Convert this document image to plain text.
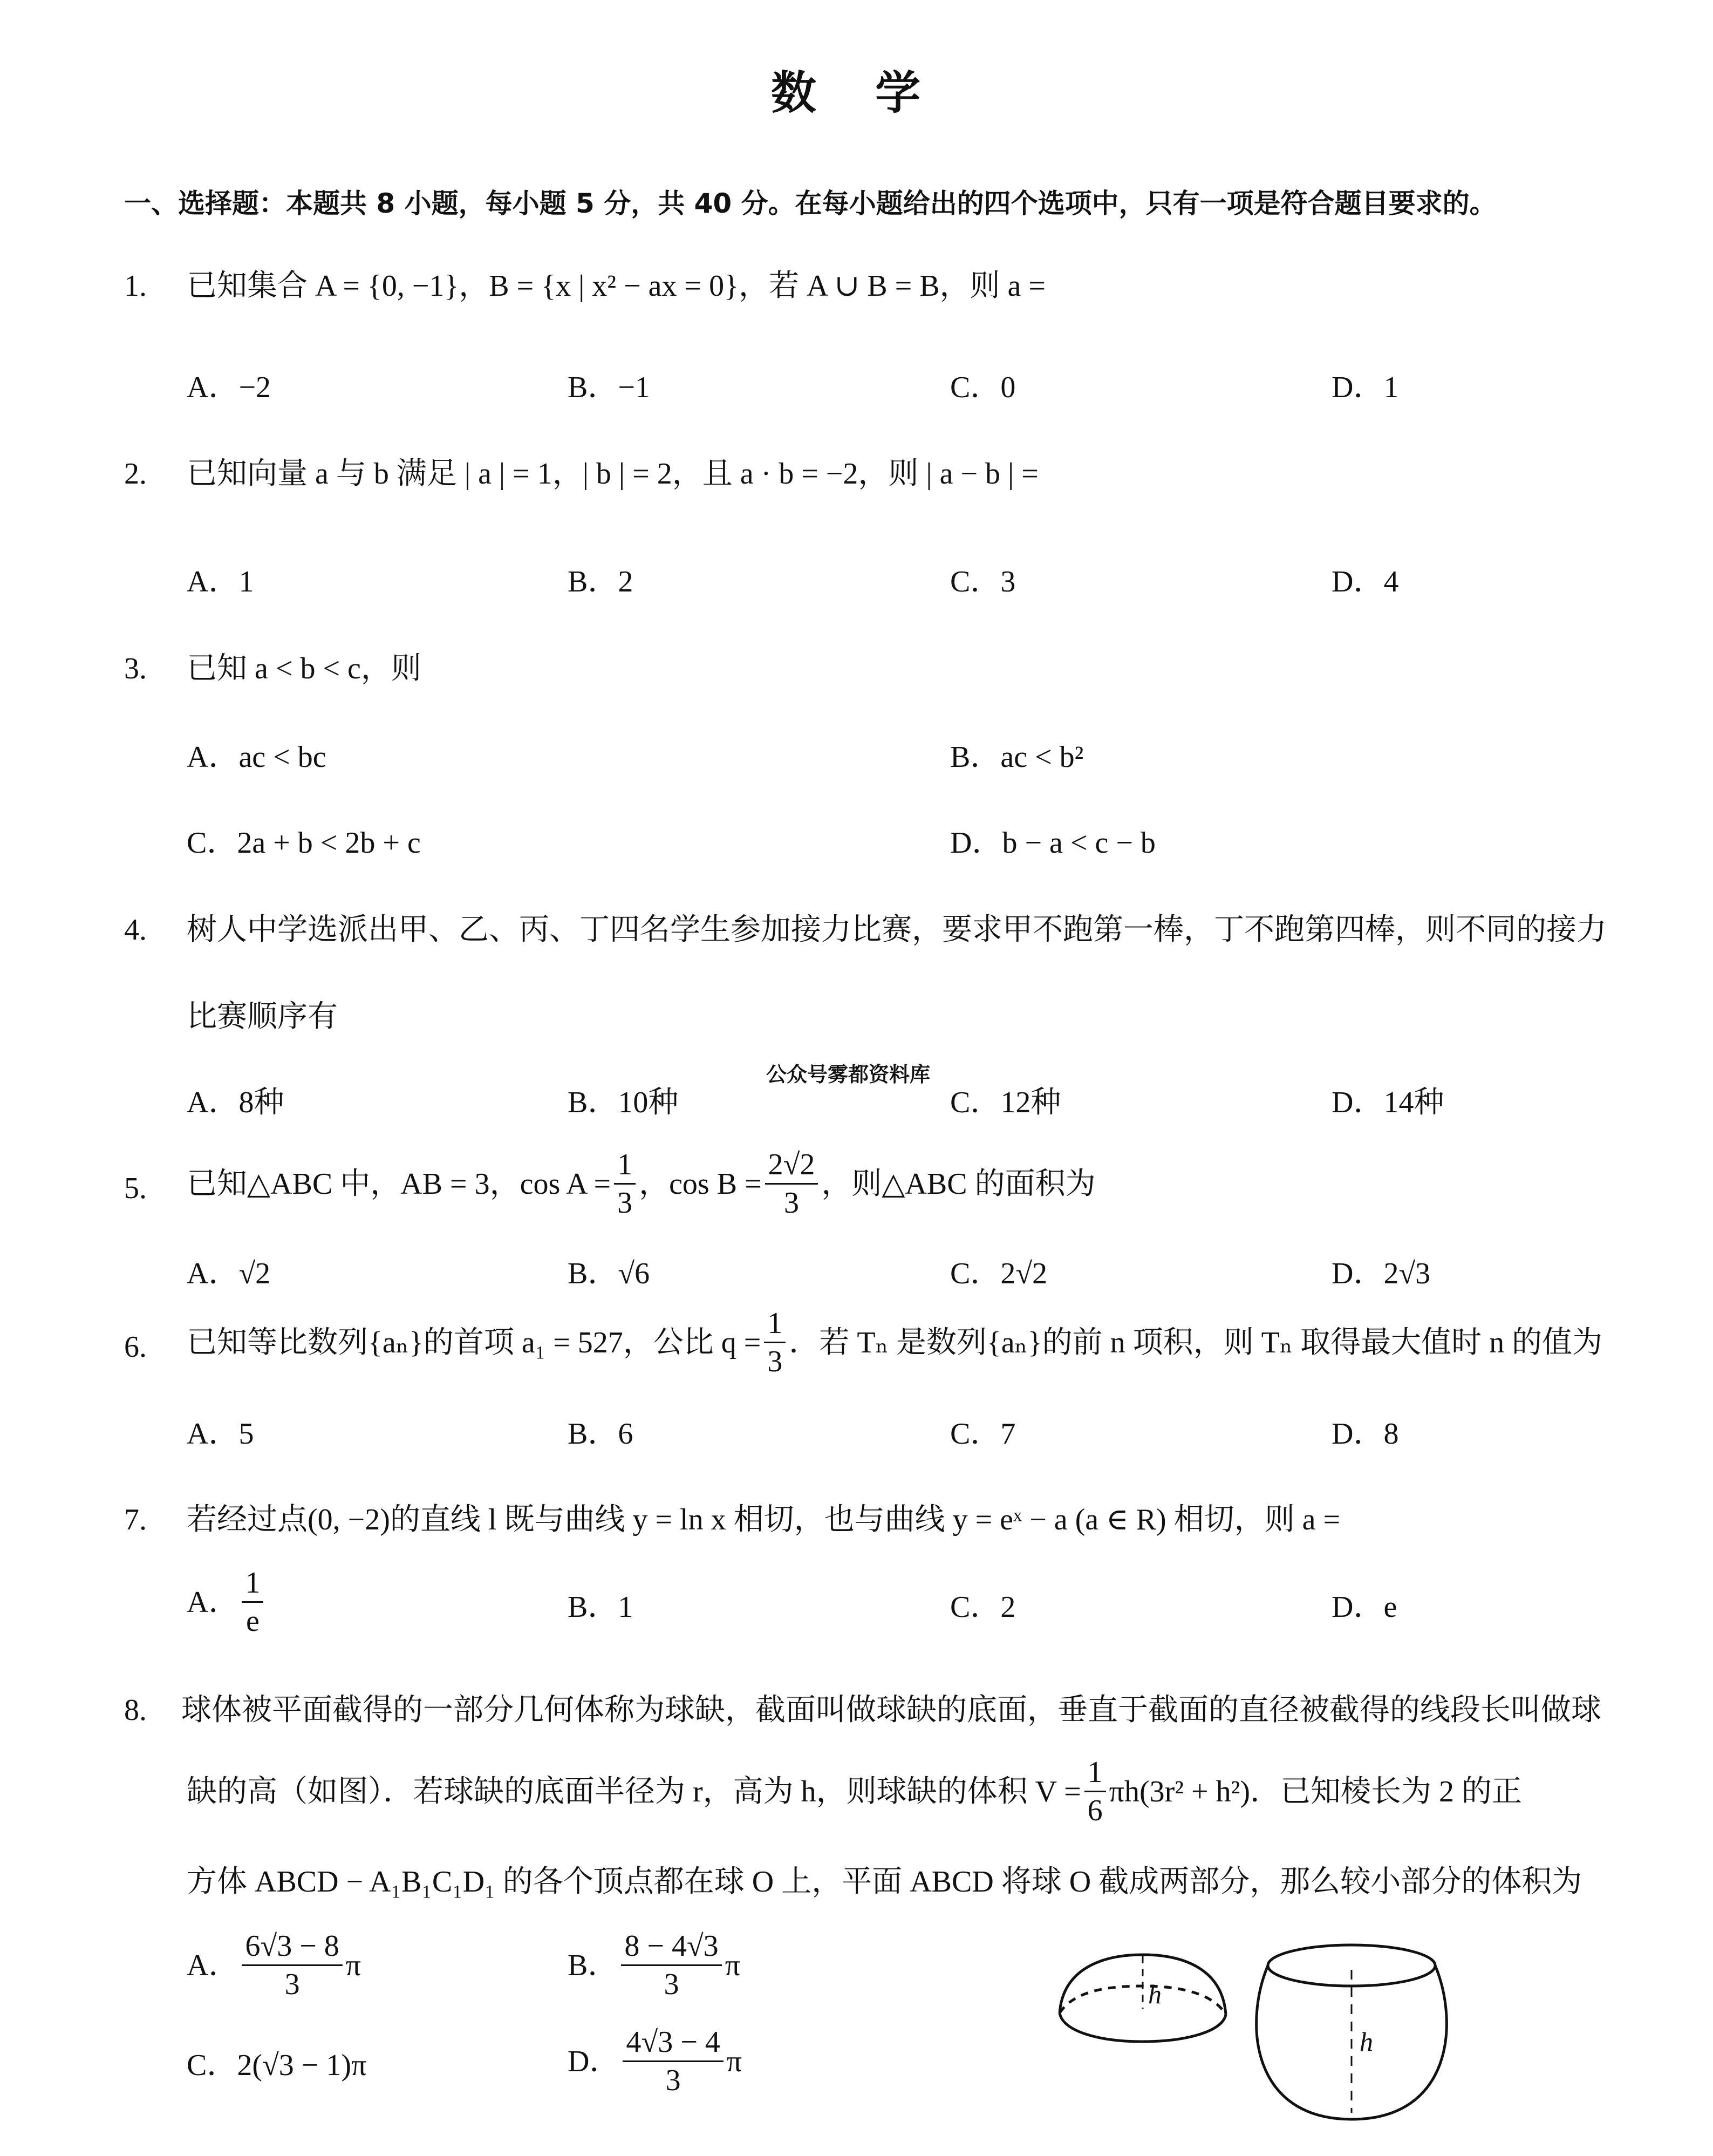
数 学
一、选择题：本题共 8 小题，每小题 5 分，共 40 分。在每小题给出的四个选项中，只有一项是符合题目要求的。
1. 已知集合 A = {0, −1}，B = {x | x² − ax = 0}，若 A ∪ B = B，则 a =
A．−2	B．−1	C．0	D．1
2. 已知向量 a 与 b 满足 | a | = 1，| b | = 2，且 a · b = −2，则 | a − b | =
A．1	B．2	C．3	D．4
3. 已知 a < b < c，则
A．ac < bc	B．ac < b²
C．2a + b < 2b + c	D．b − a < c − b
4. 树人中学选派出甲、乙、丙、丁四名学生参加接力比赛，要求甲不跑第一棒，丁不跑第四棒，则不同的接力
比赛顺序有
公众号雾都资料库
A．8种	B．10种	C．12种	D．14种
5. 已知△ABC 中，AB = 3，$\cos A = \frac{1}{3}$ ，$\cos B = \frac{2√2}{3}$ ，则△ABC 的面积为
A．√2	B．√6	C．2√2	D．2√3
6. 已知等比数列{aₙ}的首项 a₁ = 527，公比 $q = \frac{1}{3}$ ．若 Tₙ 是数列{aₙ}的前 n 项积，则 Tₙ 取得最大值时 n 的值为
A．5	B．6	C．7	D．8
7. 若经过点(0, −2)的直线 l 既与曲线 y = ln x 相切，也与曲线 y = eˣ − a (a ∈ R) 相切，则 a =
A． $\frac{1}{e}$	B．1	C．2	D．e
8. 球体被平面截得的一部分几何体称为球缺，截面叫做球缺的底面，垂直于截面的直径被截得的线段长叫做球
缺的高（如图）．若球缺的底面半径为 r，高为 h，则球缺的体积 $V = \frac{1}{6} \pi h(3r^2 + h^2)$．已知棱长为 2 的正
方体 ABCD − A₁B₁C₁D₁ 的各个顶点都在球 O 上，平面 ABCD 将球 O 截成两部分，那么较小部分的体积为
A． $\frac{6√3 - 8}{3}$ π	B． $\frac{8 - 4√3}{3}$ π
C．2(√3 − 1)π	D． $\frac{4√3 - 4}{3}$ π
h
h
